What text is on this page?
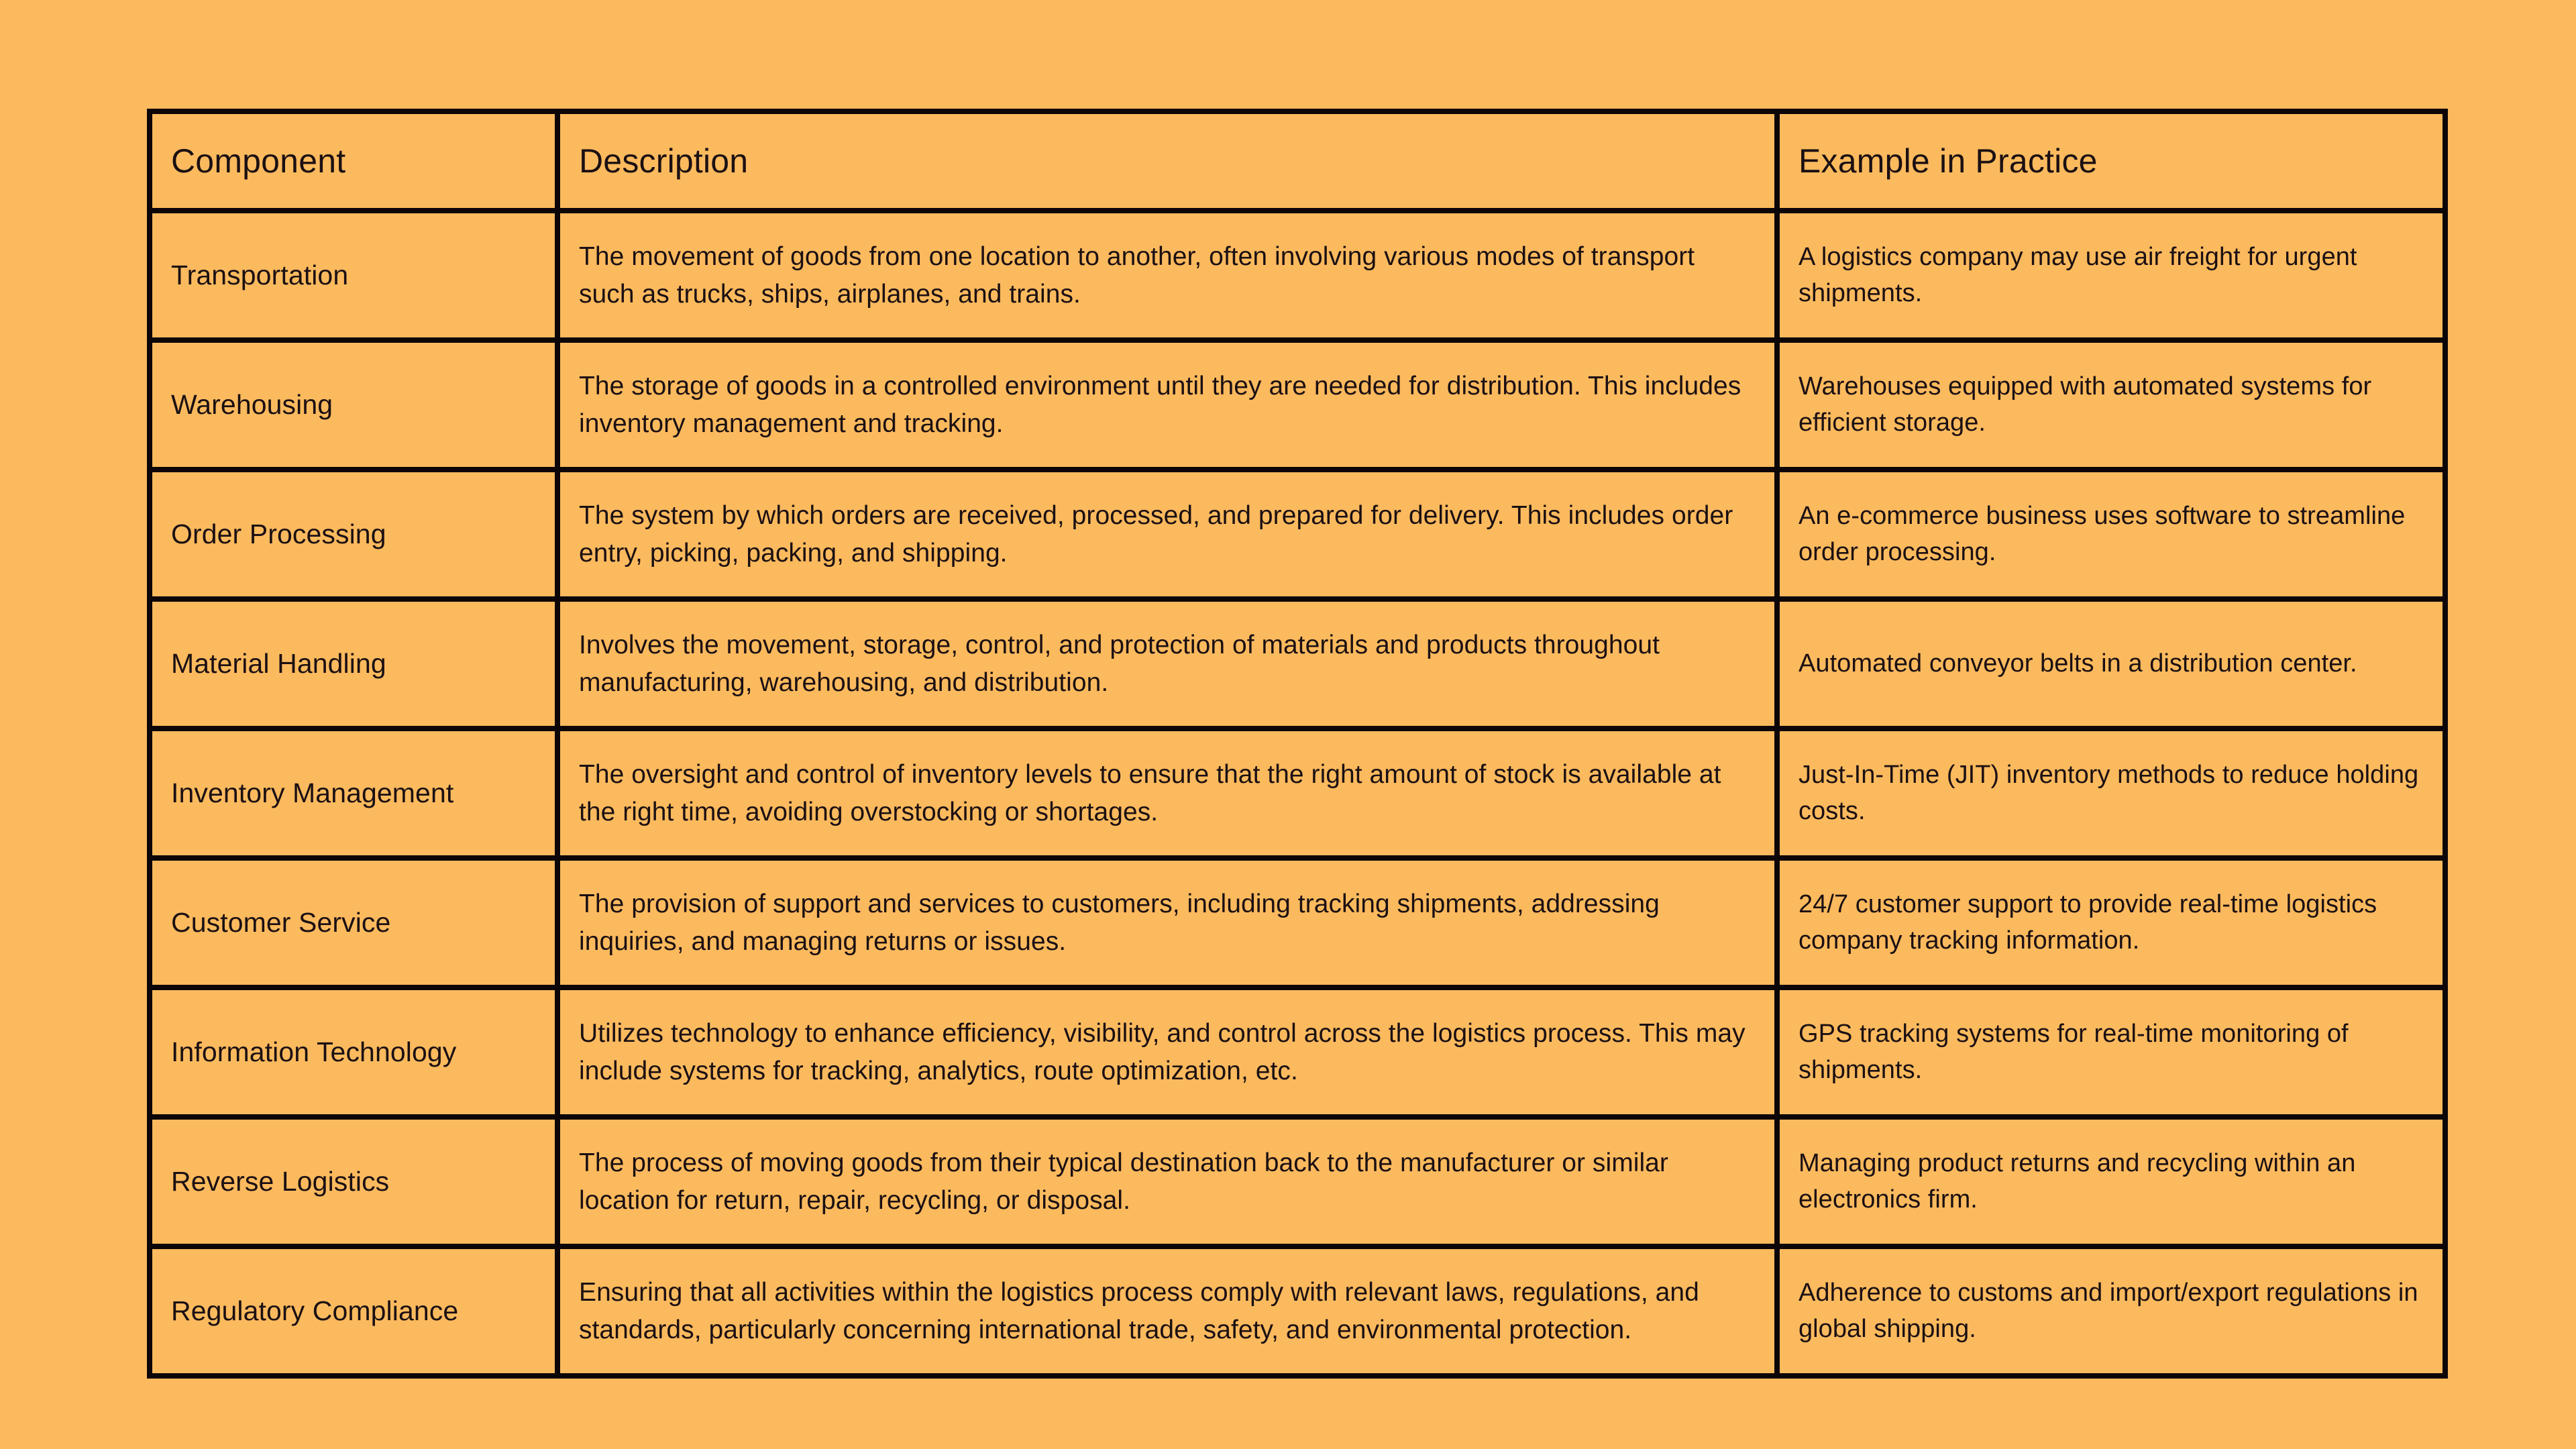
Component	Description	Example in Practice
Transportation	The movement of goods from one location to another, often involving various modes of transport such as trucks, ships, airplanes, and trains.	A logistics company may use air freight for urgent shipments.
Warehousing	The storage of goods in a controlled environment until they are needed for distribution. This includes inventory management and tracking.	Warehouses equipped with automated systems for efficient storage.
Order Processing	The system by which orders are received, processed, and prepared for delivery. This includes order entry, picking, packing, and shipping.	An e-commerce business uses software to streamline order processing.
Material Handling	Involves the movement, storage, control, and protection of materials and products throughout manufacturing, warehousing, and distribution.	Automated conveyor belts in a distribution center.
Inventory Management	The oversight and control of inventory levels to ensure that the right amount of stock is available at the right time, avoiding overstocking or shortages.	Just-In-Time (JIT) inventory methods to reduce holding costs.
Customer Service	The provision of support and services to customers, including tracking shipments, addressing inquiries, and managing returns or issues.	24/7 customer support to provide real-time logistics company tracking information.
Information Technology	Utilizes technology to enhance efficiency, visibility, and control across the logistics process. This may include systems for tracking, analytics, route optimization, etc.	GPS tracking systems for real-time monitoring of shipments.
Reverse Logistics	The process of moving goods from their typical destination back to the manufacturer or similar location for return, repair, recycling, or disposal.	Managing product returns and recycling within an electronics firm.
Regulatory Compliance	Ensuring that all activities within the logistics process comply with relevant laws, regulations, and standards, particularly concerning international trade, safety, and environmental protection.	Adherence to customs and import/export regulations in global shipping.
